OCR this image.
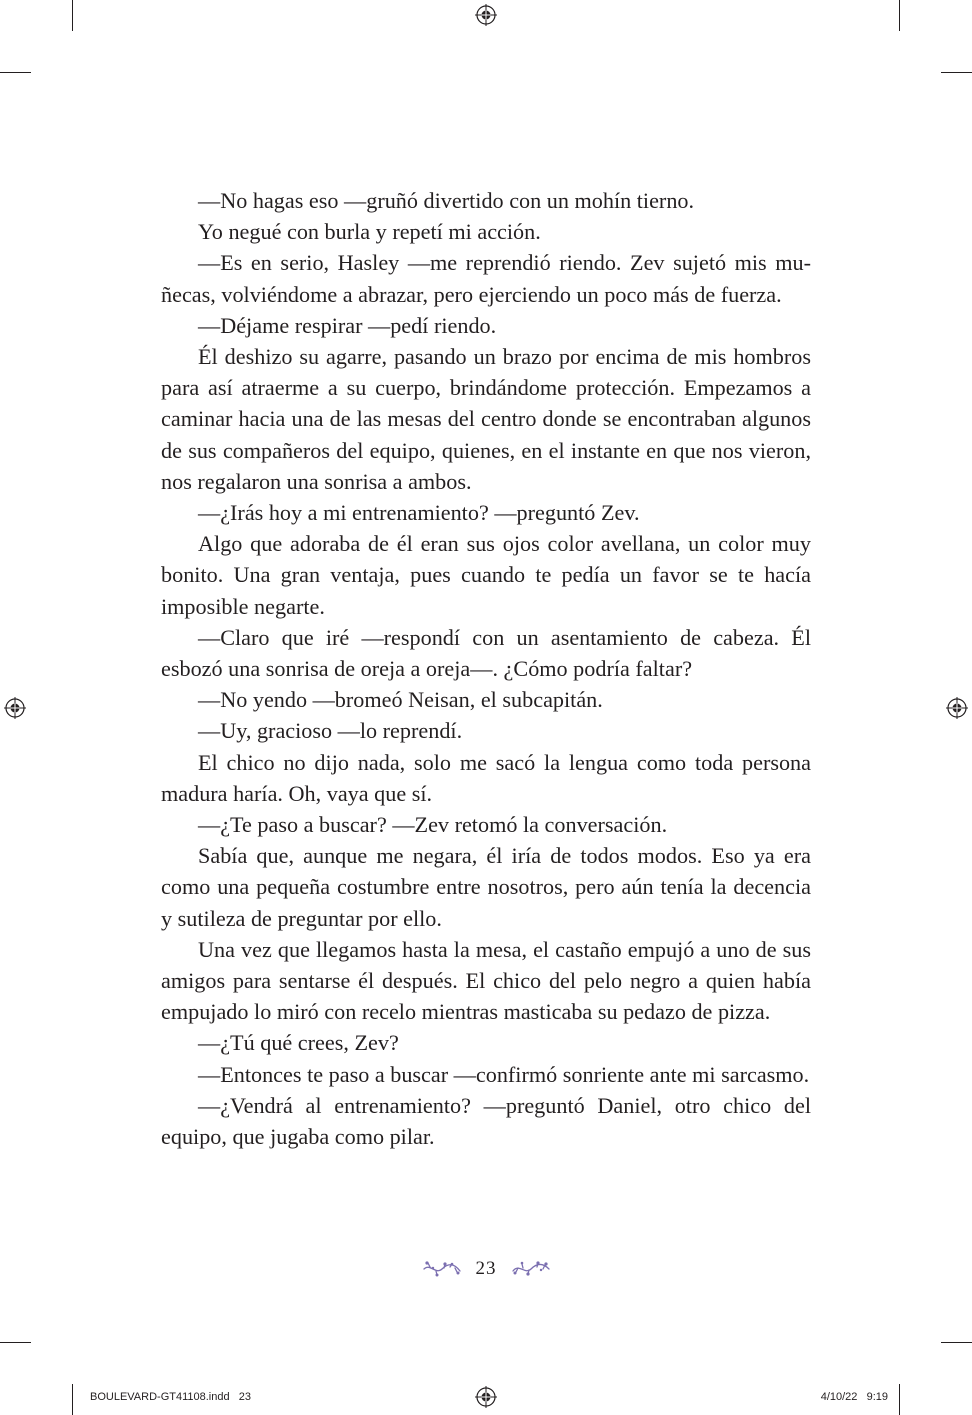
—No hagas eso —gruñó divertido con un mohín tierno.

Yo negué con burla y repetí mi acción.

—Es en serio, Hasley —me reprendió riendo. Zev sujetó mis muñecas, volviéndome a abrazar, pero ejerciendo un poco más de fuerza.

—Déjame respirar —pedí riendo.

Él deshizo su agarre, pasando un brazo por encima de mis hombros para así atraerme a su cuerpo, brindándome protección. Empezamos a caminar hacia una de las mesas del centro donde se encontraban algunos de sus compañeros del equipo, quienes, en el instante en que nos vieron, nos regalaron una sonrisa a ambos.

—¿Irás hoy a mi entrenamiento? —preguntó Zev.

Algo que adoraba de él eran sus ojos color avellana, un color muy bonito. Una gran ventaja, pues cuando te pedía un favor se te hacía imposible negarte.

—Claro que iré —respondí con un asentamiento de cabeza. Él esbozó una sonrisa de oreja a oreja—. ¿Cómo podría faltar?

—No yendo —bromeó Neisan, el subcapitán.

—Uy, gracioso —lo reprendí.

El chico no dijo nada, solo me sacó la lengua como toda persona madura haría. Oh, vaya que sí.

—¿Te paso a buscar? —Zev retomó la conversación.

Sabía que, aunque me negara, él iría de todos modos. Eso ya era como una pequeña costumbre entre nosotros, pero aún tenía la decencia y sutileza de preguntar por ello.

Una vez que llegamos hasta la mesa, el castaño empujó a uno de sus amigos para sentarse él después. El chico del pelo negro a quien había empujado lo miró con recelo mientras masticaba su pedazo de pizza.

—¿Tú qué crees, Zev?

—Entonces te paso a buscar —confirmó sonriente ante mi sarcasmo.

—¿Vendrá al entrenamiento? —preguntó Daniel, otro chico del equipo, que jugaba como pilar.

23
BOULEVARD-GT41108.indd   23	4/10/22   9:19
